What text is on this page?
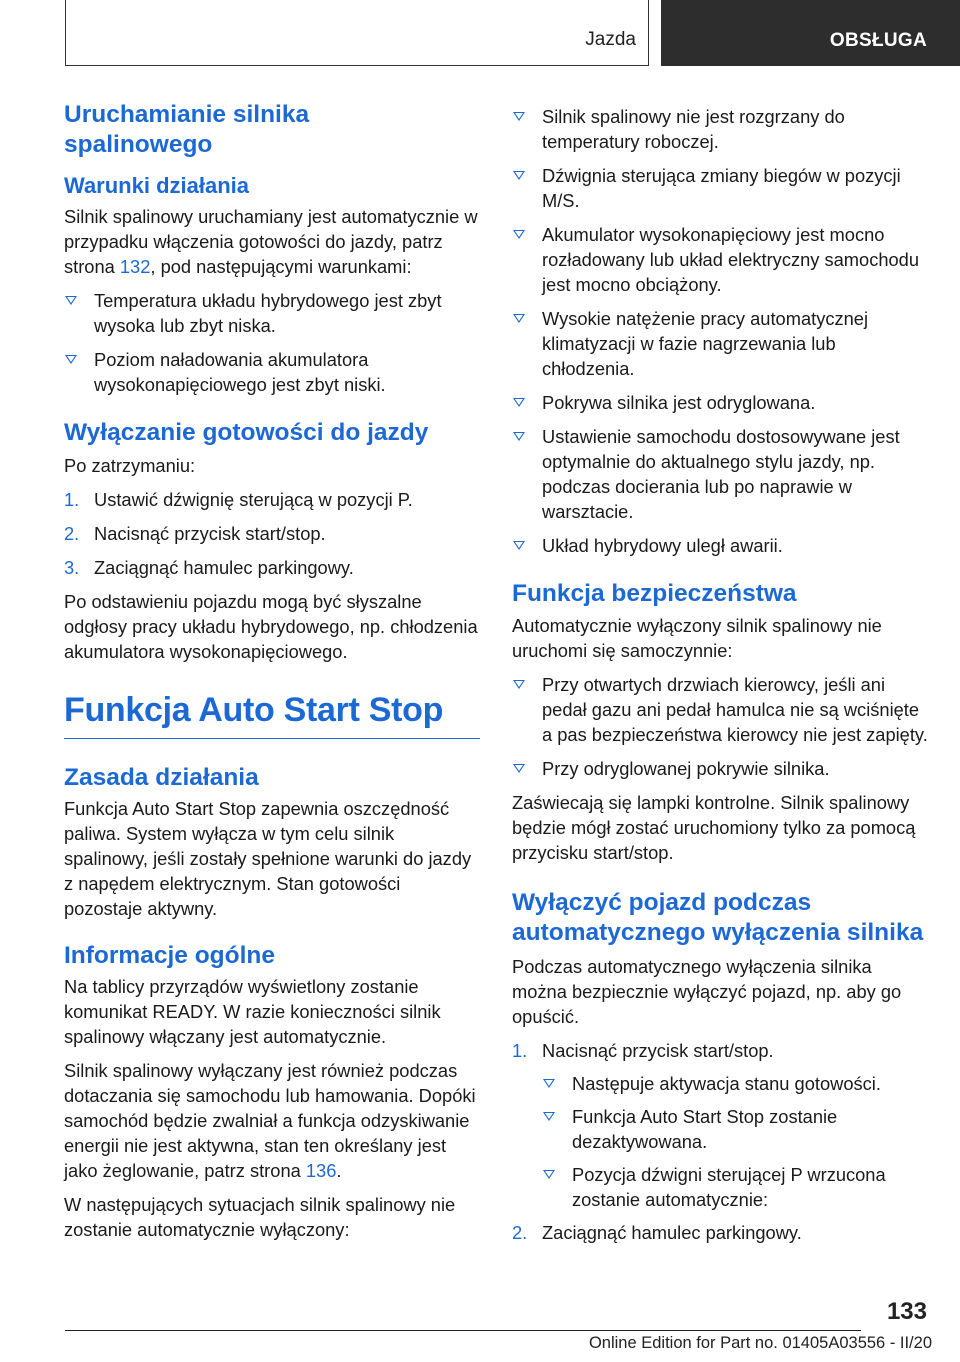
Jazda	OBSŁUGA
Uruchamianie silnika spalinowego
Warunki działania

Silnik spalinowy uruchamiany jest automatycznie w przypadku włączenia gotowości do jazdy, patrz strona 132, pod następującymi warunkami:

Temperatura układu hybrydowego jest zbyt wysoka lub zbyt niska.
Poziom naładowania akumulatora wysokonapięciowego jest zbyt niski.
Wyłączanie gotowości do jazdy

Po zatrzymaniu:

1. Ustawić dźwignię sterującą w pozycji P.
2. Nacisnąć przycisk start/stop.
3. Zaciągnąć hamulec parkingowy.

Po odstawieniu pojazdu mogą być słyszalne odgłosy pracy układu hybrydowego, np. chłodzenia akumulatora wysokonapięciowego.

Funkcja Auto Start Stop
Zasada działania

Funkcja Auto Start Stop zapewnia oszczędność paliwa. System wyłącza w tym celu silnik spalinowy, jeśli zostały spełnione warunki do jazdy z napędem elektrycznym. Stan gotowości pozostaje aktywny.

Informacje ogólne

Na tablicy przyrządów wyświetlony zostanie komunikat READY. W razie konieczności silnik spalinowy włączany jest automatycznie.

Silnik spalinowy wyłączany jest również podczas dotaczania się samochodu lub hamowania. Dopóki samochód będzie zwalniał a funkcja odzyskiwanie energii nie jest aktywna, stan ten określany jest jako żeglowanie, patrz strona 136.

W następujących sytuacjach silnik spalinowy nie zostanie automatycznie wyłączony:

Silnik spalinowy nie jest rozgrzany do temperatury roboczej.
Dźwignia sterująca zmiany biegów w pozycji M/S.
Akumulator wysokonapięciowy jest mocno rozładowany lub układ elektryczny samochodu jest mocno obciążony.
Wysokie natężenie pracy automatycznej klimatyzacji w fazie nagrzewania lub chłodzenia.
Pokrywa silnika jest odryglowana.
Ustawienie samochodu dostosowywane jest optymalnie do aktualnego stylu jazdy, np. podczas docierania lub po naprawie w warsztacie.
Układ hybrydowy uległ awarii.
Funkcja bezpieczeństwa

Automatycznie wyłączony silnik spalinowy nie uruchomi się samoczynnie:

Przy otwartych drzwiach kierowcy, jeśli ani pedał gazu ani pedał hamulca nie są wciśnięte a pas bezpieczeństwa kierowcy nie jest zapięty.
Przy odryglowanej pokrywie silnika.

Zaświecają się lampki kontrolne. Silnik spalinowy będzie mógł zostać uruchomiony tylko za pomocą przycisku start/stop.

Wyłączyć pojazd podczas automatycznego wyłączenia silnika

Podczas automatycznego wyłączenia silnika można bezpiecznie wyłączyć pojazd, np. aby go opuścić.

1. Nacisnąć przycisk start/stop.
Następuje aktywacja stanu gotowości.
Funkcja Auto Start Stop zostanie dezaktywowana.
Pozycja dźwigni sterującej P wrzucona zostanie automatycznie:
2. Zaciągnąć hamulec parkingowy.
133
Online Edition for Part no. 01405A03556 - II/20
